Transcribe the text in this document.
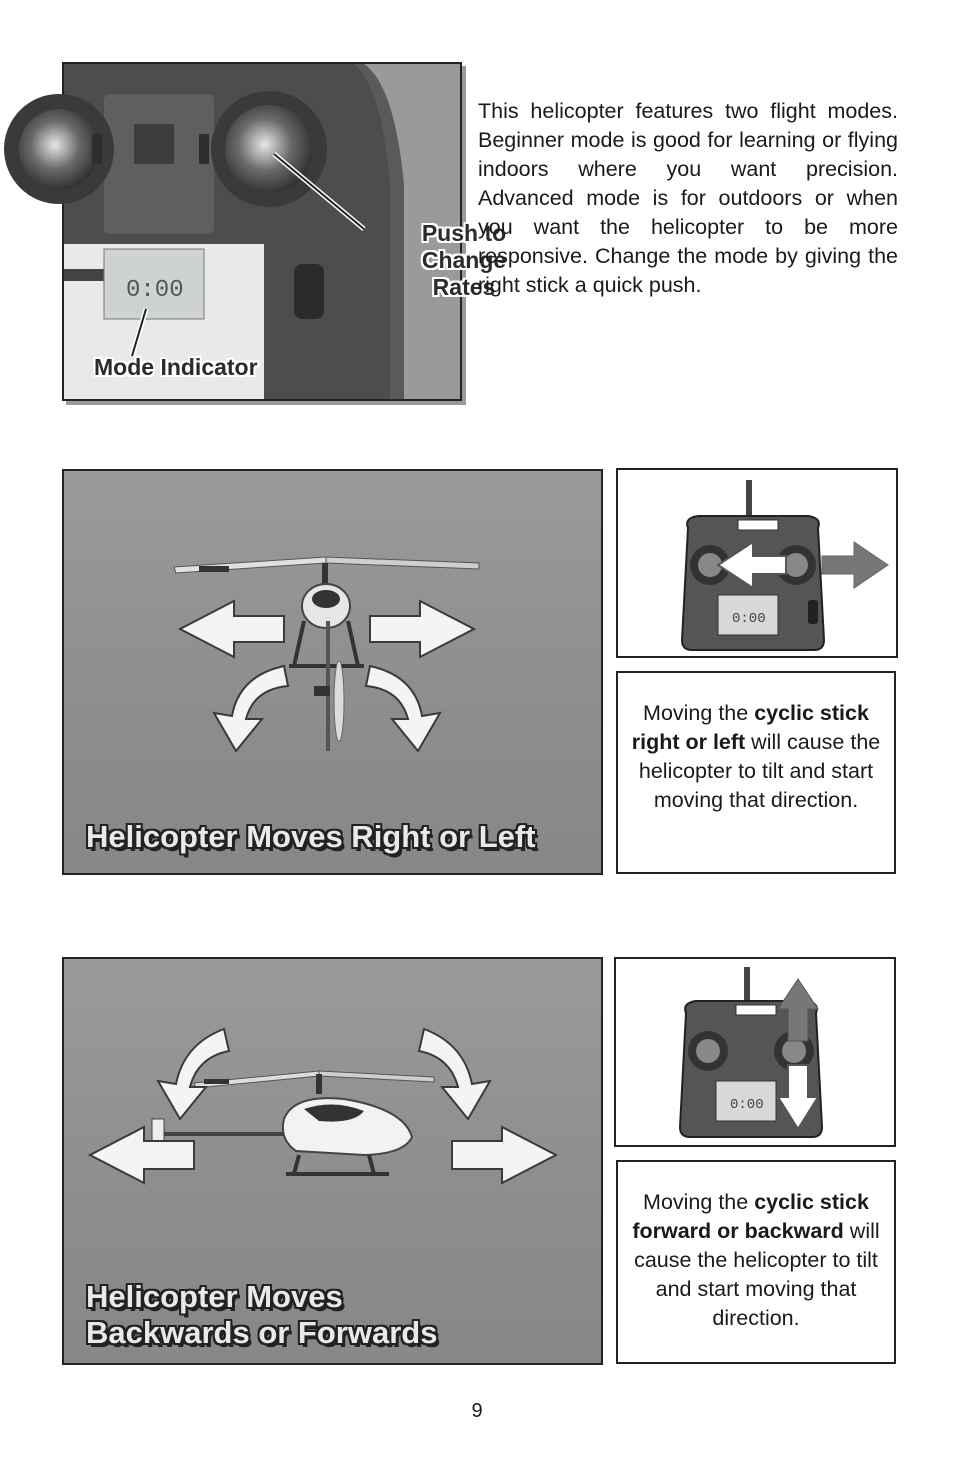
0:00
Push to
Change
Rates
Mode Indicator
This helicopter features two flight modes. Beginner mode is good for learning or flying indoors where you want precision. Advanced mode is for outdoors or when you want the helicopter to be more responsive. Change the mode by giving the right stick a quick push.
Helicopter Moves Right or Left
0:00
Moving the cyclic stick right or left will cause the helicopter to tilt and start moving that direction.
Helicopter Moves
Backwards or Forwards
0:00
Moving the cyclic stick forward or backward will cause the helicopter to tilt and start moving that direction.
9
